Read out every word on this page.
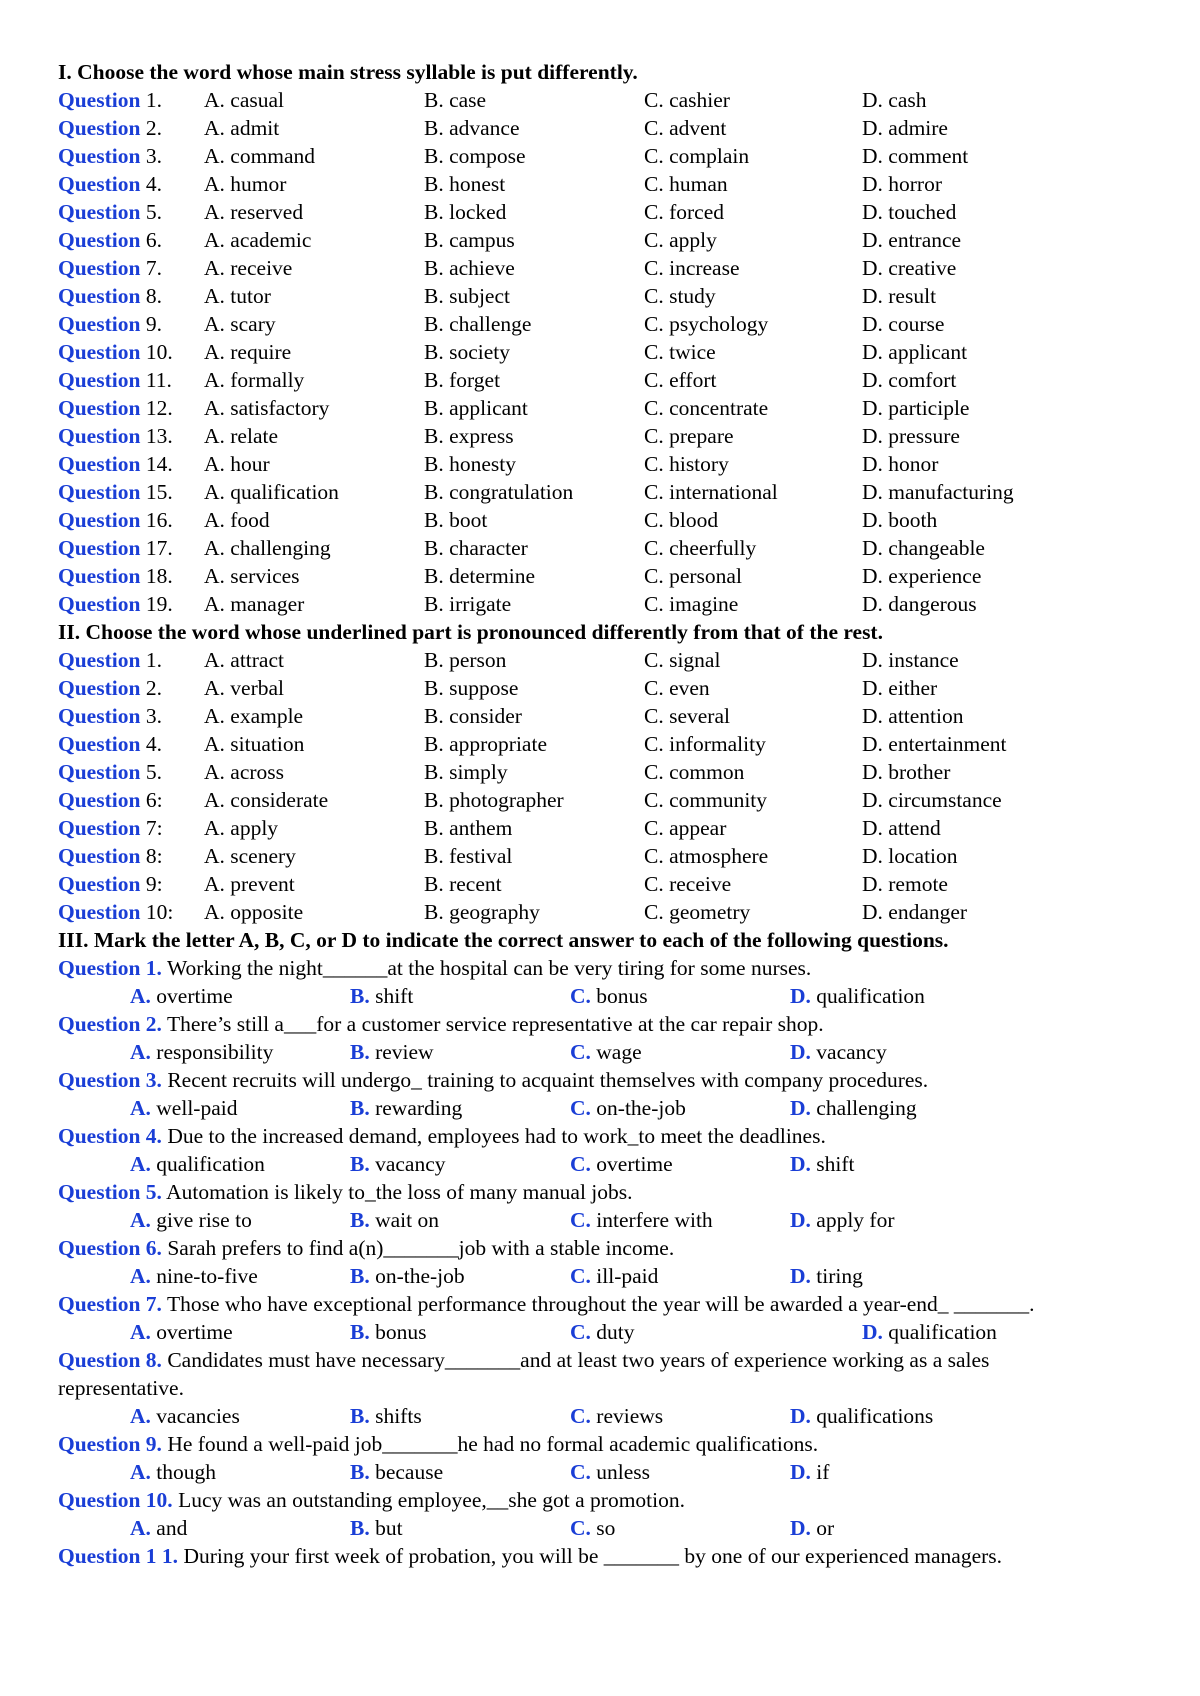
I. Choose the word whose main stress syllable is put differently.
Question 1. A. casual	B. case	C. cashier	D. cash
Question 2. A. admit	B. advance	C. advent	D. admire
Question 3. A. command	B. compose	C. complain	D. comment
Question 4. A. humor	B. honest	C. human	D. horror
Question 5. A. reserved	B. locked	C. forced	D. touched
Question 6. A. academic	B. campus	C. apply	D. entrance
Question 7. A. receive	B. achieve	C. increase	D. creative
Question 8. A. tutor	B. subject	C. study	D. result
Question 9. A. scary	B. challenge	C. psychology	D. course
Question 10. A. require	B. society	C. twice	D. applicant
Question 11. A. formally	B. forget	C. effort	D. comfort
Question 12. A. satisfactory	B. applicant	C. concentrate	D. participle
Question 13. A. relate	B. express	C. prepare	D. pressure
Question 14. A. hour	B. honesty	C. history	D. honor
Question 15. A. qualification	B. congratulation	C. international	D. manufacturing
Question 16. A. food	B. boot	C. blood	D. booth
Question 17. A. challenging	B. character	C. cheerfully	D. changeable
Question 18. A. services	B. determine	C. personal	D. experience
Question 19. A. manager	B. irrigate	C. imagine	D. dangerous
II. Choose the word whose underlined part is pronounced differently from that of the rest.
Question 1. A. attract	B. person	C. signal	D. instance
Question 2. A. verbal	B. suppose	C. even	D. either
Question 3. A. example	B. consider	C. several	D. attention
Question 4. A. situation	B. appropriate	C. informality	D. entertainment
Question 5. A. across	B. simply	C. common	D. brother
Question 6: A. considerate	B. photographer	C. community	D. circumstance
Question 7: A. apply	B. anthem	C. appear	D. attend
Question 8: A. scenery	B. festival	C. atmosphere	D. location
Question 9: A. prevent	B. recent	C. receive	D. remote
Question 10: A. opposite	B. geography	C. geometry	D. endanger
III. Mark the letter A, B, C, or D to indicate the correct answer to each of the following questions.
Question 1. Working the night______at the hospital can be very tiring for some nurses.
A. overtime	B. shift	C. bonus	D. qualification
Question 2. There’s still a___for a customer service representative at the car repair shop.
A. responsibility	B. review	C. wage	D. vacancy
Question 3. Recent recruits will undergo_ training to acquaint themselves with company procedures.
A. well-paid	B. rewarding	C. on-the-job	D. challenging
Question 4. Due to the increased demand, employees had to work_to meet the deadlines.
A. qualification	B. vacancy	C. overtime	D. shift
Question 5. Automation is likely to_the loss of many manual jobs.
A. give rise to	B. wait on	C. interfere with	D. apply for
Question 6. Sarah prefers to find a(n)_______job with a stable income.
A. nine-to-five	B. on-the-job	C. ill-paid	D. tiring
Question 7. Those who have exceptional performance throughout the year will be awarded a year-end_ _______.
A. overtime	B. bonus	C. duty	D. qualification
Question 8. Candidates must have necessary_______and at least two years of experience working as a sales representative.
A. vacancies	B. shifts	C. reviews	D. qualifications
Question 9. He found a well-paid job_______he had no formal academic qualifications.
A. though	B. because	C. unless	D. if
Question 10. Lucy was an outstanding employee,__she got a promotion.
A. and	B. but	C. so	D. or
Question 1 1. During your first week of probation, you will be _______ by one of our experienced managers.
